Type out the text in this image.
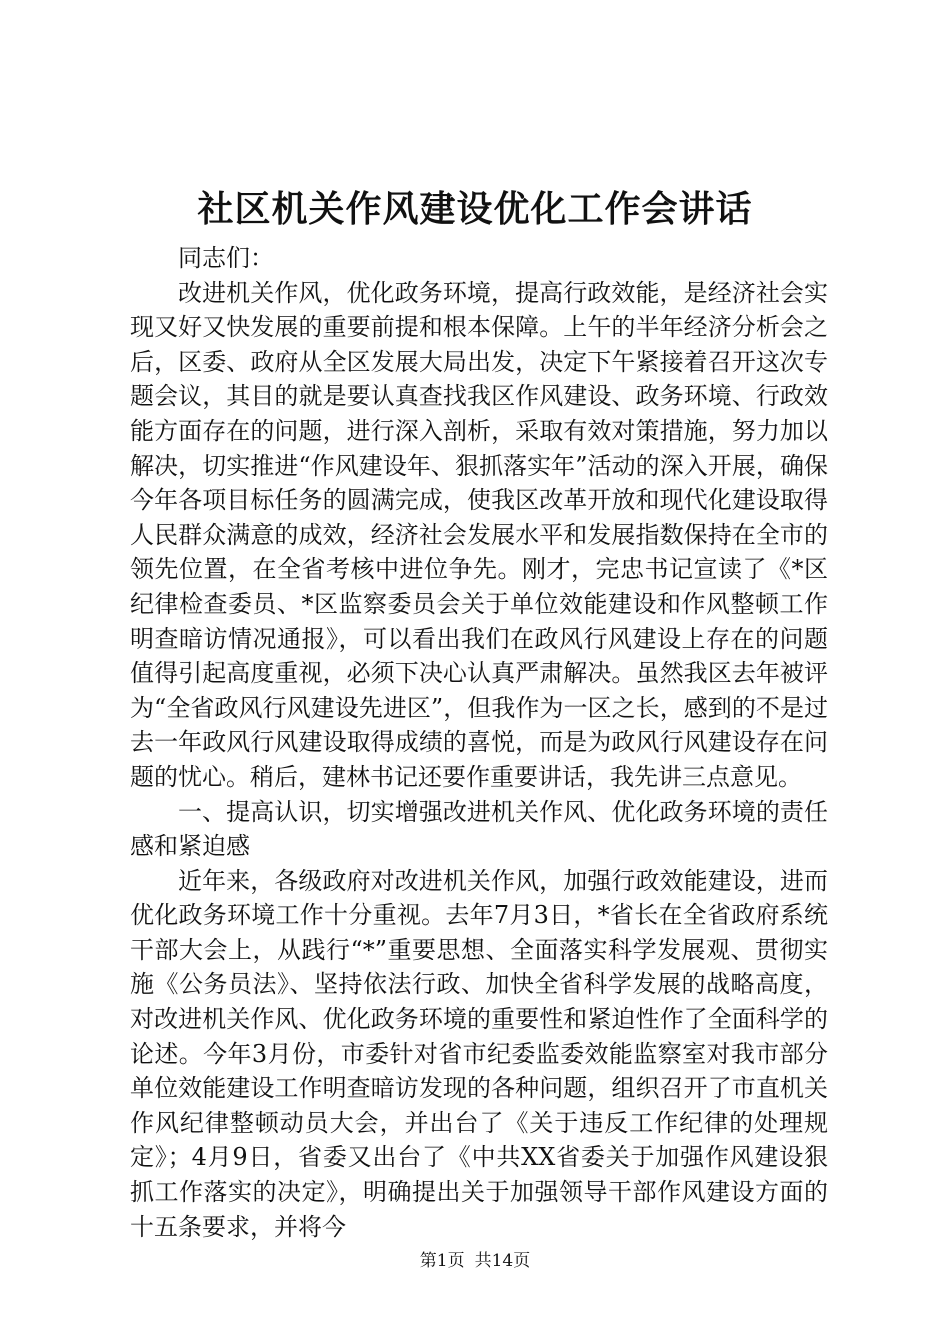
社区机关作风建设优化工作会讲话

同志们：

改进机关作风，优化政务环境，提高行政效能，是经济社会实现又好又快发展的重要前提和根本保障。上午的半年经济分析会之后，区委、政府从全区发展大局出发，决定下午紧接着召开这次专题会议，其目的就是要认真查找我区作风建设、政务环境、行政效能方面存在的问题，进行深入剖析，采取有效对策措施，努力加以解决，切实推进“作风建设年、狠抓落实年”活动的深入开展，确保今年各项目标任务的圆满完成，使我区改革开放和现代化建设取得人民群众满意的成效，经济社会发展水平和发展指数保持在全市的领先位置，在全省考核中进位争先。刚才，完忠书记宣读了《*区纪律检查委员、*区监察委员会关于单位效能建设和作风整顿工作明查暗访情况通报》，可以看出我们在政风行风建设上存在的问题值得引起高度重视，必须下决心认真严肃解决。虽然我区去年被评为“全省政风行风建设先进区”，但我作为一区之长，感到的不是过去一年政风行风建设取得成绩的喜悦，而是为政风行风建设存在问题的忧心。稍后，建林书记还要作重要讲话，我先讲三点意见。

一、提高认识，切实增强改进机关作风、优化政务环境的责任感和紧迫感

近年来，各级政府对改进机关作风，加强行政效能建设，进而优化政务环境工作十分重视。去年7月3日，*省长在全省政府系统干部大会上，从践行“*”重要思想、全面落实科学发展观、贯彻实施《公务员法》、坚持依法行政、加快全省科学发展的战略高度，对改进机关作风、优化政务环境的重要性和紧迫性作了全面科学的论述。今年3月份，市委针对省市纪委监委效能监察室对我市部分单位效能建设工作明查暗访发现的各种问题，组织召开了市直机关作风纪律整顿动员大会，并出台了《关于违反工作纪律的处理规定》；4月9日，省委又出台了《中共XX省委关于加强作风建设狠抓工作落实的决定》，明确提出关于加强领导干部作风建设方面的十五条要求，并将今

第1页 共14页
